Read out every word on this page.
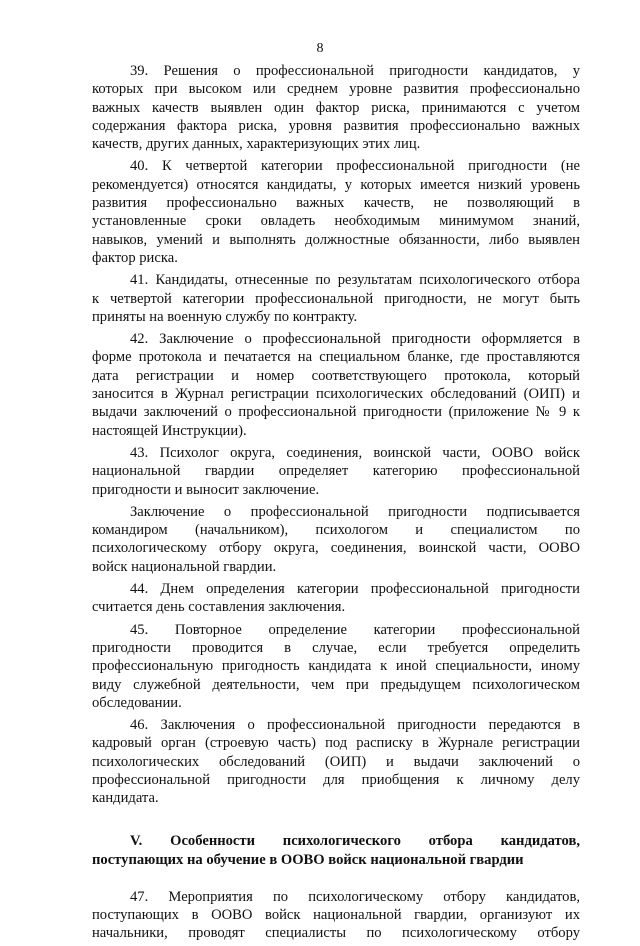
8
39. Решения о профессиональной пригодности кандидатов, у
которых при высоком или среднем уровне развития профессионально
важных качеств выявлен один фактор риска, принимаются с учетом
содержания фактора риска, уровня развития профессионально важных
качеств, других данных, характеризующих этих лиц.
40. К четвертой категории профессиональной пригодности (не
рекомендуется) относятся кандидаты, у которых имеется низкий уровень
развития профессионально важных качеств, не позволяющий в
установленные сроки овладеть необходимым минимумом знаний,
навыков, умений и выполнять должностные обязанности, либо выявлен
фактор риска.
41. Кандидаты, отнесенные по результатам психологического отбора
к четвертой категории профессиональной пригодности, не могут быть
приняты на военную службу по контракту.
42. Заключение о профессиональной пригодности оформляется в
форме протокола и печатается на специальном бланке, где проставляются
дата регистрации и номер соответствующего протокола, который
заносится в Журнал регистрации психологических обследований (ОИП) и
выдачи заключений о профессиональной пригодности (приложение № 9 к
настоящей Инструкции).
43. Психолог округа, соединения, воинской части, ООВО войск
национальной гвардии определяет категорию профессиональной
пригодности и выносит заключение.
Заключение о профессиональной пригодности подписывается
командиром (начальником), психологом и специалистом по
психологическому отбору округа, соединения, воинской части, ООВО
войск национальной гвардии.
44. Днем определения категории профессиональной пригодности
считается день составления заключения.
45. Повторное определение категории профессиональной
пригодности проводится в случае, если требуется определить
профессиональную пригодность кандидата к иной специальности, иному
виду служебной деятельности, чем при предыдущем психологическом
обследовании.
46. Заключения о профессиональной пригодности передаются в
кадровый орган (строевую часть) под расписку в Журнале регистрации
психологических обследований (ОИП) и выдачи заключений о
профессиональной пригодности для приобщения к личному делу
кандидата.
V. Особенности психологического отбора кандидатов,
поступающих на обучение в ООВО войск национальной гвардии
47. Мероприятия по психологическому отбору кандидатов,
поступающих в ООВО войск национальной гвардии, организуют их
начальники, проводят специалисты по психологическому отбору
